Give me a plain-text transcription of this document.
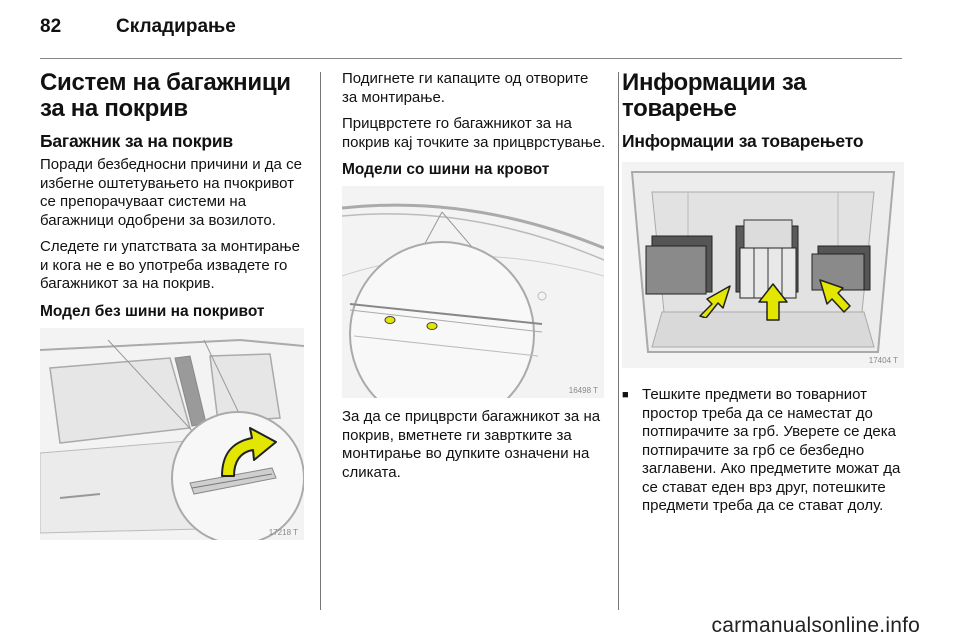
82	Складирање
Систем на багажници за на покрив
Багажник за на покрив

Поради безбедносни причини и да се избегне оштетувањето на пчокривот се препорачуваат системи на багажници одобрени за возилото.

Следете ги упатствата за монтирање и кога не е во употреба извадете го багажникот за на покрив.

Модел без шини на покривот
17218 T

Подигнете ги капаците од отворите за монтирање.

Прицврстете го багажникот за на покрив кај точките за прицврстување.

Модели со шини на кровот
16498 T

За да се прицврсти багажникот за на покрив, вметнете ги завртките за монтирање во дупките означени на сликата.

Информации за товарење
Информации за товарењето
17404 T
■ Тешките предмети во товарниот простор треба да се наместат до потпирачите за грб. Уверете се дека потпирачите за грб се безбедно заглавени. Ако предметите можат да се стават еден врз друг, потешките предмети треба да се стават долу.
carmanualsonline.info
